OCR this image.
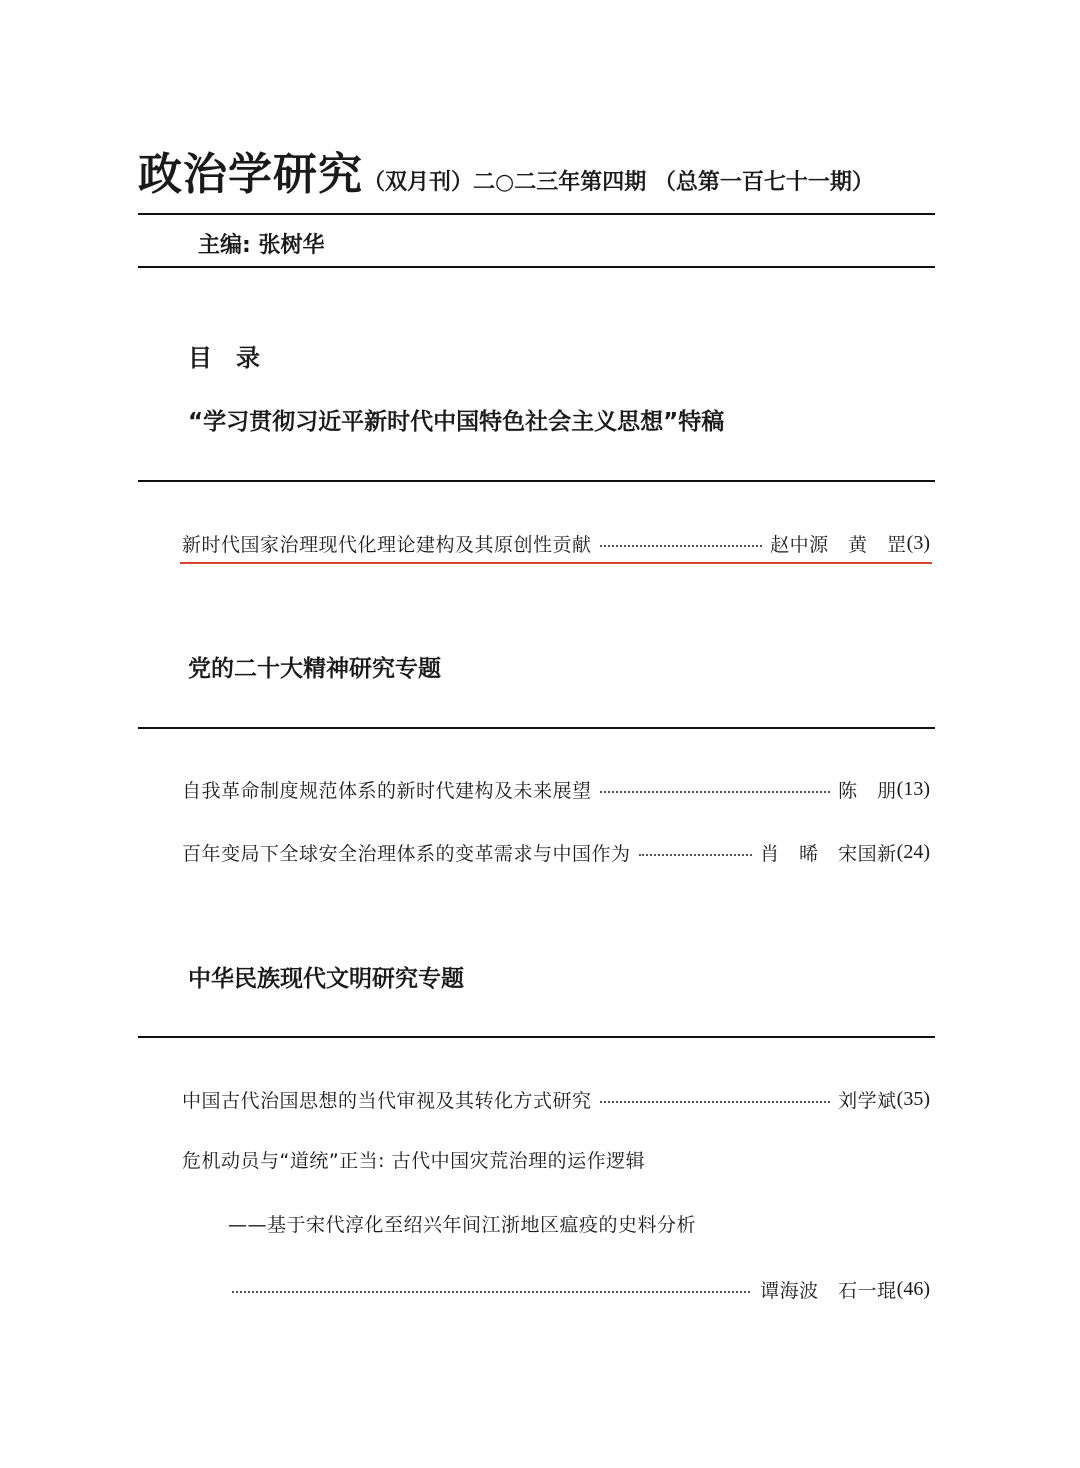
政治学研究（双月刊）二○二三年第四期 （总第一百七十一期）
主编: 张树华
目　录
“学习贯彻习近平新时代中国特色社会主义思想”特稿
新时代国家治理现代化理论建构及其原创性贡献	赵中源　黄　罡 (3)
党的二十大精神研究专题
自我革命制度规范体系的新时代建构及未来展望	陈　朋 (13)
百年变局下全球安全治理体系的变革需求与中国作为	肖　晞　宋国新 (24)
中华民族现代文明研究专题
中国古代治国思想的当代审视及其转化方式研究	刘学斌 (35)
危机动员与“道统”正当: 古代中国灾荒治理的运作逻辑
——基于宋代淳化至绍兴年间江浙地区瘟疫的史料分析
谭海波　石一琨 (46)
